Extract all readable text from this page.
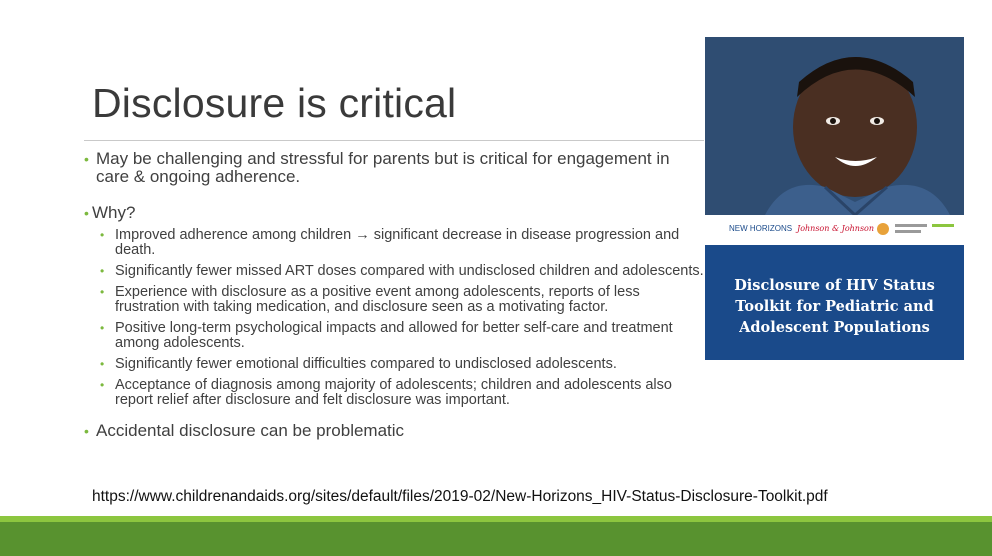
Disclosure is critical
• May be challenging and stressful for parents but is critical for engagement in care & ongoing adherence.
• Why?
• Improved adherence among children → significant decrease in disease progression and death.
• Significantly fewer missed ART doses compared with undisclosed children and adolescents.
• Experience with disclosure as a positive event among adolescents, reports of less frustration with taking medication, and disclosure seen as a motivating factor.
• Positive long-term psychological impacts and allowed for better self-care and treatment among adolescents.
• Significantly fewer emotional difficulties compared to undisclosed adolescents.
• Acceptance of diagnosis among majority of adolescents; children and adolescents also report relief after disclosure and felt disclosure was important.
• Accidental disclosure can be problematic
NEW HORIZONS Johnson & Johnson
Disclosure of HIV Status
Toolkit for Pediatric and
Adolescent Populations
https://www.childrenandaids.org/sites/default/files/2019-02/New-Horizons_HIV-Status-Disclosure-Toolkit.pdf
